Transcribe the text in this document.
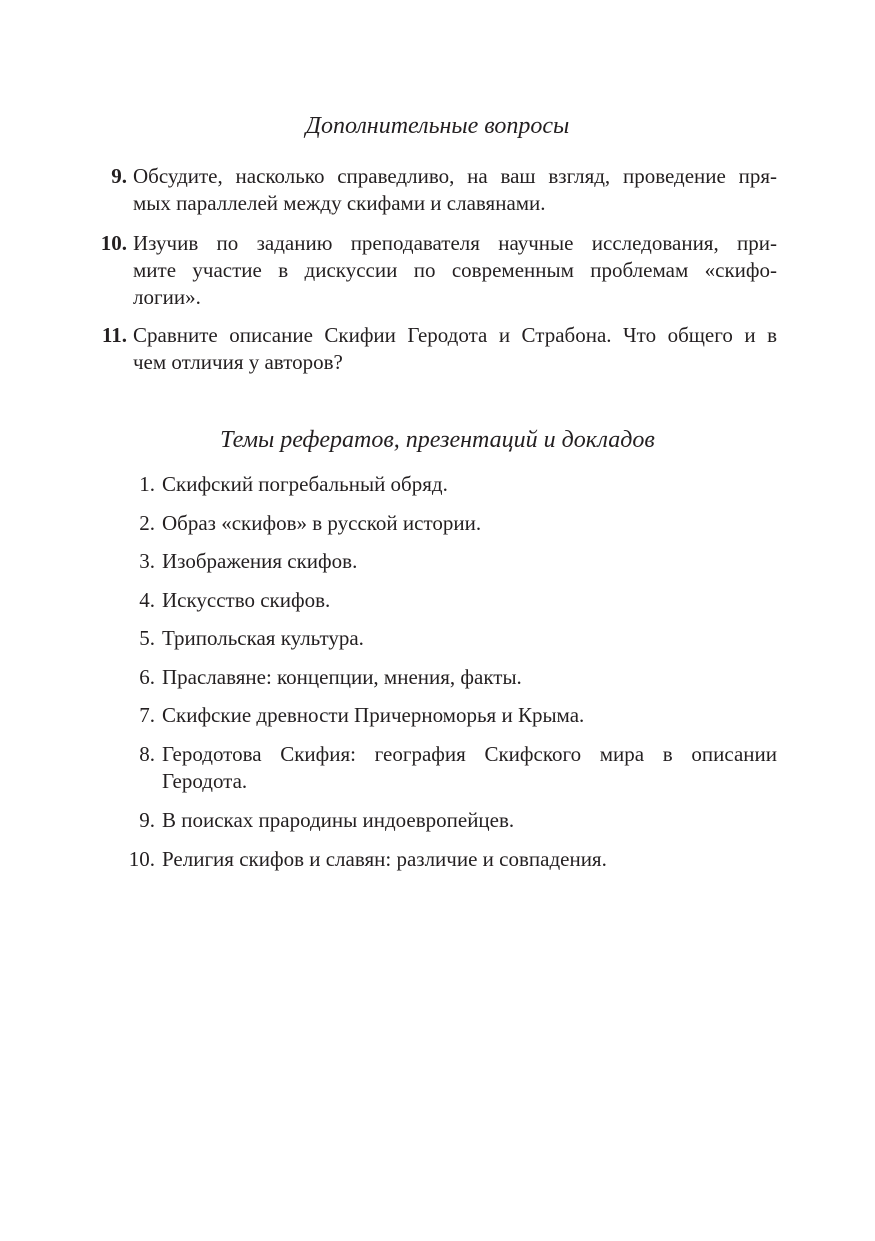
Дополнительные вопросы
9. Обсудите, насколько справедливо, на ваш взгляд, проведение пря-
мых параллелей между скифами и славянами.
10. Изучив по заданию преподавателя научные исследования, при-
мите участие в дискуссии по современным проблемам «скифо-
логии».
11. Сравните описание Скифии Геродота и Страбона. Что общего и в
чем отличия у авторов?
Темы рефератов, презентаций и докладов
1. Скифский погребальный обряд.
2. Образ «скифов» в русской истории.
3. Изображения скифов.
4. Искусство скифов.
5. Трипольская культура.
6. Праславяне: концепции, мнения, факты.
7. Скифские древности Причерноморья и Крыма.
8. Геродотова Скифия: география Скифского мира в описании
Геродота.
9. В поисках прародины индоевропейцев.
10. Религия скифов и славян: различие и совпадения.
